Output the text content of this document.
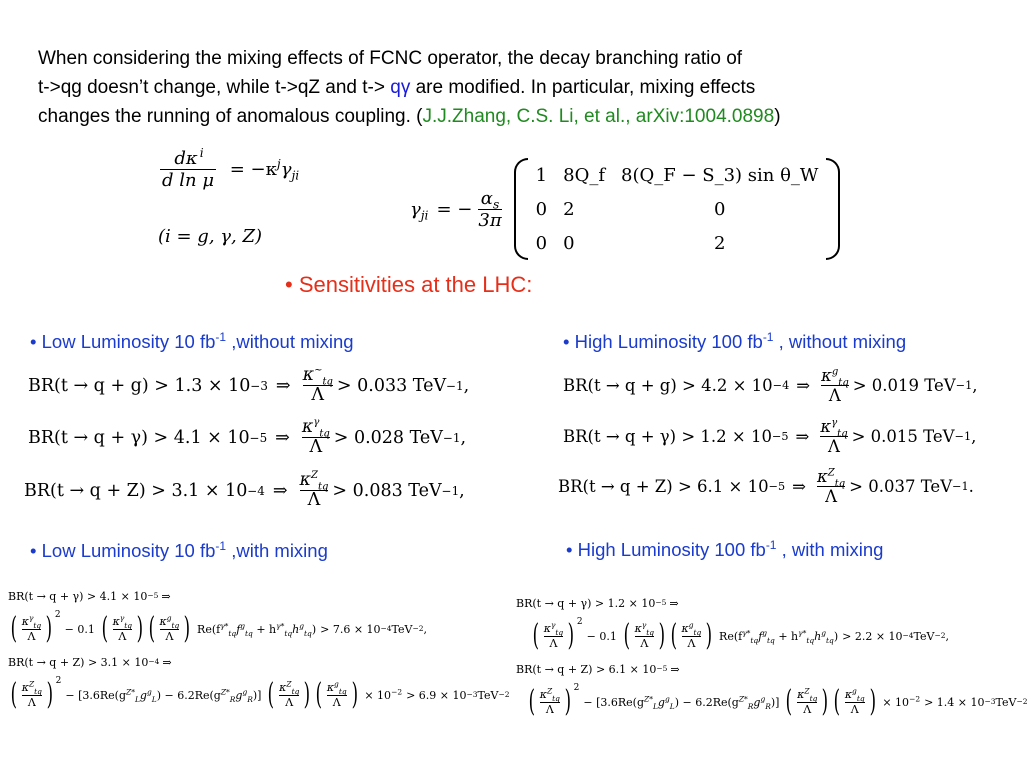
When considering the mixing effects of FCNC operator, the decay branching ratio of
t->qg doesn’t change, while t->qZ and t-> qγ are modified. In particular, mixing effects
changes the running of anomalous coupling. (J.J.Zhang, C.S. Li, et al., arXiv:1004.0898)
$\frac{d\kappa ^i}{\text{d ln μ}} = -\kappa^j\gamma_{ji}$
(i = g, γ, Z)
$\gamma_{ji}$ = − $\frac{\alpha_s}{3\pi}$
1	8Q_f	8(Q_F − S_3) sin θ_W
0	2	0
0	0	2
• Sensitivities at the LHC:
• Low Luminosity 10 $fb^{-1}$ ,without mixing	• High Luminosity 100 $fb^{-1}$ , without mixing
• Low Luminosity 10 $fb^{-1}$ ,with mixing	• High Luminosity 100 $fb^{-1}$ , with mixing
BR(t → q + g) > 1.3 × 10 −3 ⇒ $\frac{\kappa^\sim_{tq}}{\Lambda} > 0.033$ TeV −1 ,
BR(t → q + γ) > 4.1 × 10 −5 ⇒
$\kappa^\gamma_{tq}$
Λ > 0.028 TeV −1 ,
BR(t → q + Z) > 3.1 × 10 −4 ⇒
$\kappa^Z_{tq}$
Λ > 0.083 TeV −1 ,
BR(t → q + g) > 4.2 × 10 −4 ⇒
$\kappa^g_{tq}$
Λ
> 0.019 TeV −1 ,
BR(t → q + γ) > 1.2 × 10 −5 ⇒
$\kappa^\gamma_{tq}$
Λ
> 0.015 TeV −1 ,
BR(t → q + Z) > 6.1 × 10 −5 ⇒
$\kappa^Z_{tq}$
Λ
> 0.037 TeV −1 .
BR(t → q + γ) > 4.1 × 10 −5 ⇒
( $\kappa^\gamma_{tq}$
Λ ) 2
− 0.1 ( $\kappa^\gamma_{tq}$
Λ ) ( $\kappa^g_{tq}$
Λ ) $Re(f^{\gamma*}_{tq}f^g_{tq} + h^{\gamma*}_{tq}h^g_{tq}) > 7.6 \times 10 -4$ TeV −2 ,
BR(t → q + Z) > 3.1 × 10 −4 ⇒
( $\kappa^Z_{tq}$
Λ ) 2
− $[3.6Re(g^{Z*}_Lg^g_L) - 6.2Re(g^{Z*}_Rg^g_R)]$ ( $\kappa^Z_{tq}$
Λ ) ( $\kappa^g_{tq}$
Λ ) × $10^{-2} > 6.9 \times 10 -3$ TeV −2
BR(t → q + γ) > 1.2 × 10 −5 ⇒
( $\kappa^\gamma_{tq}$
Λ ) 2
− 0.1 ( $\kappa^\gamma_{tq}$
Λ ) ( $\kappa^g_{tq}$
Λ ) $Re(f^{\gamma*}_{tq}f^g_{tq} + h^{\gamma*}_{tq}h^g_{tq}) > 2.2 \times 10 -4$ TeV −2 ,
BR(t → q + Z) > 6.1 × 10 −5 ⇒
( $\kappa^Z_{tq}$
Λ ) 2
− $[3.6Re(g^{Z*}_Lg^g_L) - 6.2Re(g^{Z*}_Rg^g_R)]$ ( $\kappa^Z_{tq}$
Λ ) ( $\kappa^g_{tq}$
Λ ) × $10^{-2} > 1.4 \times 10 -3$ TeV −2
